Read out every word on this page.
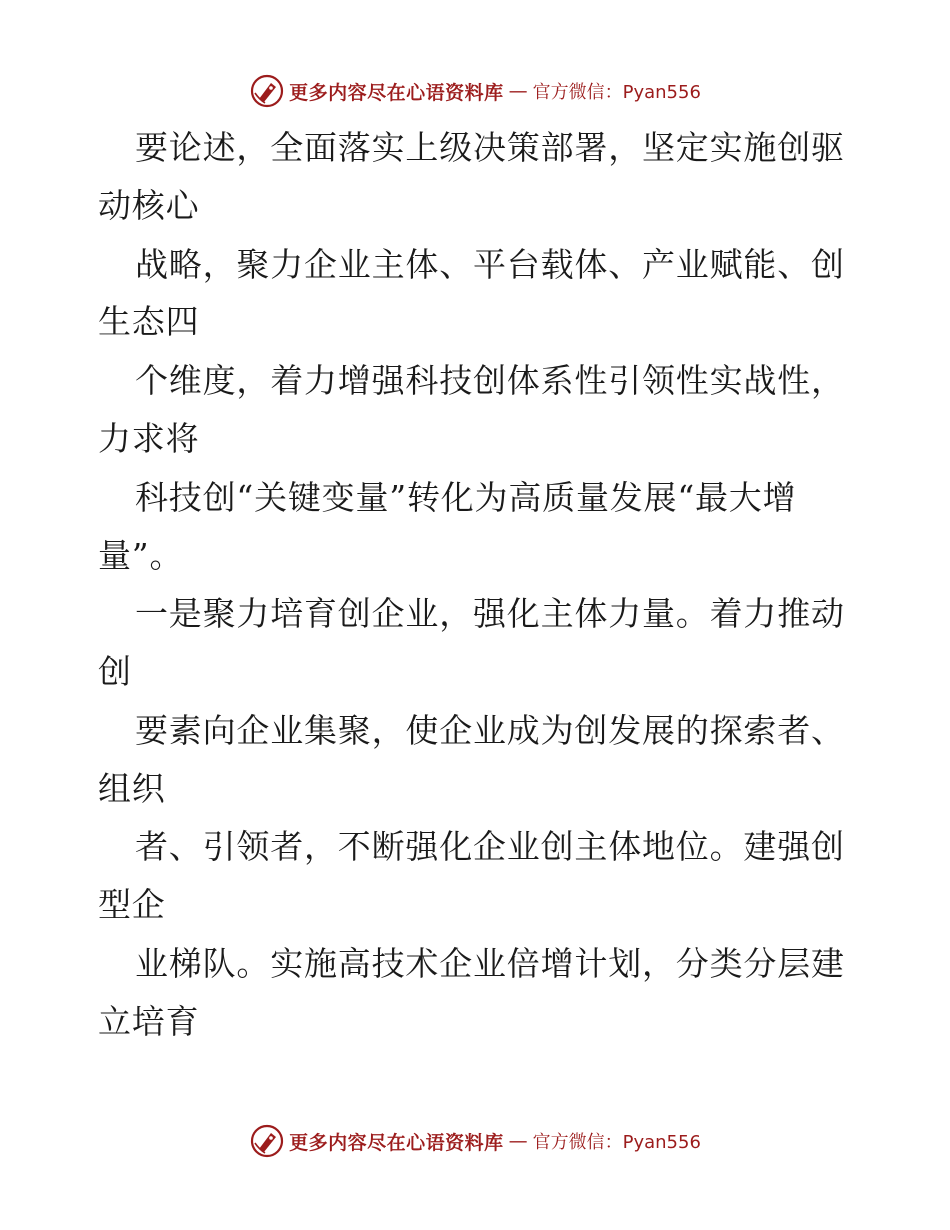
更多内容尽在心语资料库 — 官方微信：Pyan556
要论述，全面落实上级决策部署，坚定实施创驱
动核心
战略，聚力企业主体、平台载体、产业赋能、创
生态四
个维度，着力增强科技创体系性引领性实战性，
力求将
科技创“关键变量”转化为高质量发展“最大增
量”。
一是聚力培育创企业，强化主体力量。着力推动
创
要素向企业集聚，使企业成为创发展的探索者、
组织
者、引领者，不断强化企业创主体地位。建强创
型企
业梯队。实施高技术企业倍增计划，分类分层建
立培育
更多内容尽在心语资料库 — 官方微信：Pyan556
